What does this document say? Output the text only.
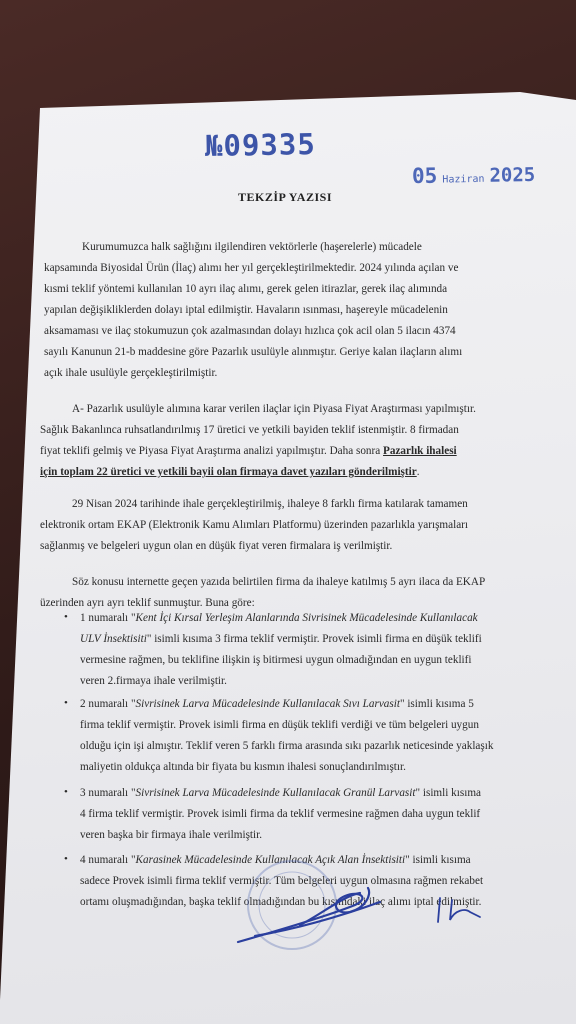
№09335
05 Haziran 2025
TEKZİP YAZISI
Kurumumuzca halk sağlığını ilgilendiren vektörlerle (haşerelerle) mücadele
kapsamında Biyosidal Ürün (İlaç) alımı her yıl gerçekleştirilmektedir. 2024 yılında açılan ve
kısmi teklif yöntemi kullanılan 10 ayrı ilaç alımı, gerek gelen itirazlar, gerek ilaç alımında
yapılan değişikliklerden dolayı iptal edilmiştir. Havaların ısınması, haşereyle mücadelenin
aksamaması ve ilaç stokumuzun çok azalmasından dolayı hızlıca çok acil olan 5 ilacın 4374
sayılı Kanunun 21-b maddesine göre Pazarlık usulüyle alınmıştır. Geriye kalan ilaçların alımı
açık ihale usulüyle gerçekleştirilmiştir.
A- Pazarlık usulüyle alımına karar verilen ilaçlar için Piyasa Fiyat Araştırması yapılmıştır.
Sağlık Bakanlınca ruhsatlandırılmış 17 üretici ve yetkili bayiden teklif istenmiştir. 8 firmadan
fiyat teklifi gelmiş ve Piyasa Fiyat Araştırma analizi yapılmıştır. Daha sonra Pazarlık ihalesi
için toplam 22 üretici ve yetkili bayii olan firmaya davet yazıları gönderilmiştir.
29 Nisan 2024 tarihinde ihale gerçekleştirilmiş, ihaleye 8 farklı firma katılarak tamamen
elektronik ortam EKAP (Elektronik Kamu Alımları Platformu) üzerinden pazarlıkla yarışmaları
sağlanmış ve belgeleri uygun olan en düşük fiyat veren firmalara iş verilmiştir.
Söz konusu internette geçen yazıda belirtilen firma da ihaleye katılmış 5 ayrı ilaca da EKAP
üzerinden ayrı ayrı teklif sunmuştur. Buna göre:
• 1 numaralı "Kent İçi Kırsal Yerleşim Alanlarında Sivrisinek Mücadelesinde Kullanılacak
ULV İnsektisiti" isimli kısıma 3 firma teklif vermiştir. Provek isimli firma en düşük teklifi
vermesine rağmen, bu teklifine ilişkin iş bitirmesi uygun olmadığından en uygun teklifi
veren 2.firmaya ihale verilmiştir.
• 2 numaralı "Sivrisinek Larva Mücadelesinde Kullanılacak Sıvı Larvasit" isimli kısıma 5
firma teklif vermiştir. Provek isimli firma en düşük teklifi verdiği ve tüm belgeleri uygun
olduğu için işi almıştır. Teklif veren 5 farklı firma arasında sıkı pazarlık neticesinde yaklaşık
maliyetin oldukça altında bir fiyata bu kısmın ihalesi sonuçlandırılmıştır.
• 3 numaralı "Sivrisinek Larva Mücadelesinde Kullanılacak Granül Larvasit" isimli kısıma
4 firma teklif vermiştir. Provek isimli firma da teklif vermesine rağmen daha uygun teklif
veren başka bir firmaya ihale verilmiştir.
• 4 numaralı "Karasinek Mücadelesinde Kullanılacak Açık Alan İnsektisiti" isimli kısıma
sadece Provek isimli firma teklif vermiştir. Tüm belgeleri uygun olmasına rağmen rekabet
ortamı oluşmadığından, başka teklif olmadığından bu kısımdaki ilaç alımı iptal edilmiştir.
